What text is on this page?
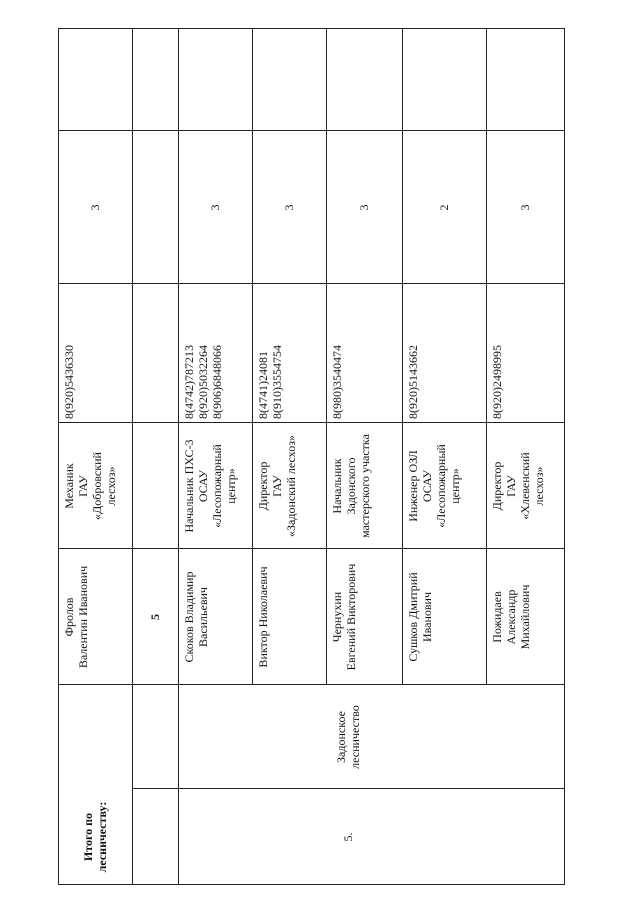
Итого по лесничеству:
5
5.
Задонское лесничество
Фролов
Валентин Иванович
Механик
ГАУ
«Добровский
лесхоз»
8(920)5436330
3
Скоков Владимир
Васильевич
Начальник ПХС-3
ОСАУ
«Лесопожарный
центр»
8(4742)787213
8(920)5032264
8(906)6848066
3
Виктор Николаевич
Директор
ГАУ
«Задонский лесхоз»
8(4741)24081
8(910)3554754
3
Чернухин
Евгений Викторович
Начальник
Задонского
мастерского участка
8(980)3540474
3
Сушков Дмитрий
Иванович
Инженер ОЗЛ
ОСАУ
«Лесопожарный
центр»
8(920)5143662
2
Пожидаев
Александр
Михайлович
Директор
ГАУ
«Хлевенский
лесхоз»
8(920)2498995
3
